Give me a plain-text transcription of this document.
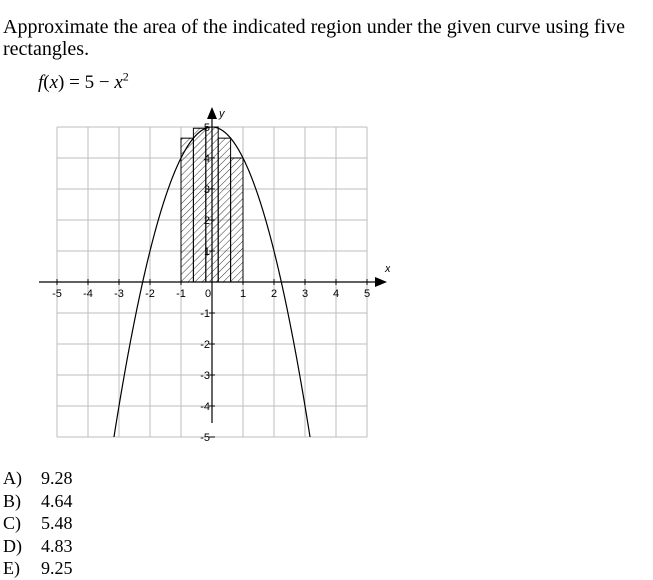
Approximate the area of the indicated region under the given curve using five rectangles.
$f(x) = 5 - x^2$
-5 -4 -3 -2 -1 0	1 2 3 4 5
-5
-4
-3
-2
-1
1
2
3
4
5
x
y
A) 9.28
B) 4.64
C) 5.48
D) 4.83
E) 9.25
